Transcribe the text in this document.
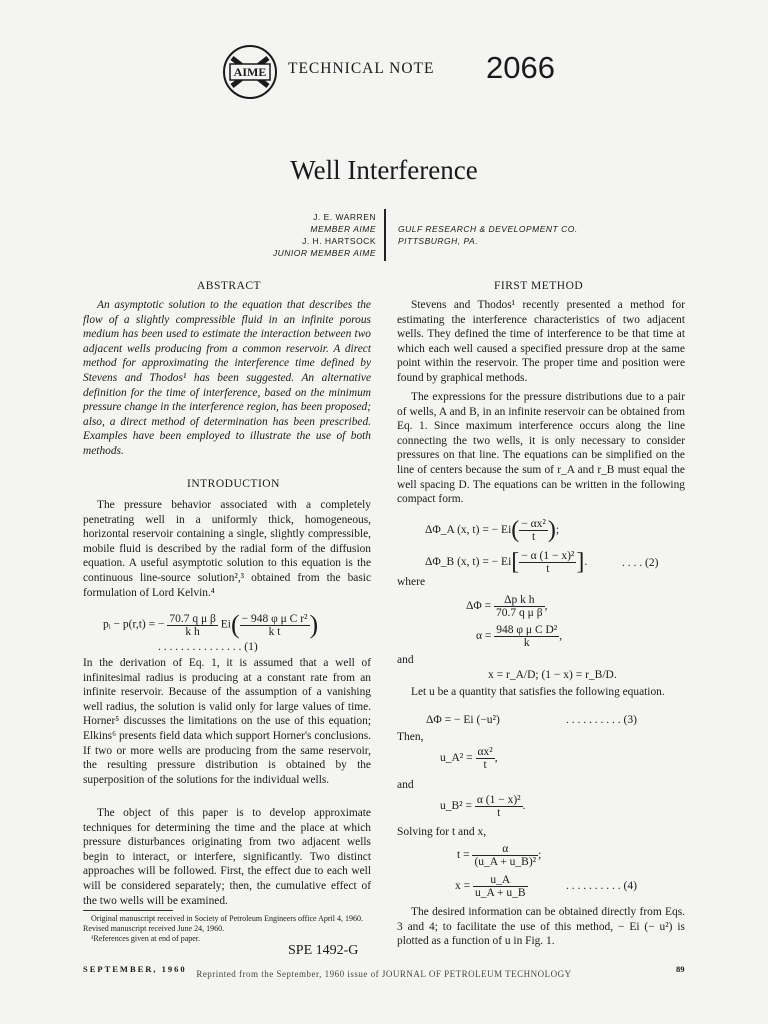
AIME TECHNICAL NOTE 2066
Well Interference
J. E. WARREN
MEMBER AIME
J. H. HARTSOCK
JUNIOR MEMBER AIME
GULF RESEARCH & DEVELOPMENT CO.
PITTSBURGH, PA.
ABSTRACT

An asymptotic solution to the equation that describes the flow of a slightly compressible fluid in an infinite porous medium has been used to estimate the interaction between two adjacent wells producing from a common reservoir. A direct method for approximating the interference time defined by Stevens and Thodos¹ has been suggested. An alternative definition for the time of interference, based on the minimum pressure change in the interference region, has been proposed; also, a direct method of determination has been prescribed. Examples have been employed to illustrate the use of both methods.

INTRODUCTION

The pressure behavior associated with a completely penetrating well in a uniformly thick, homogeneous, horizontal reservoir containing a single, slightly compressible, mobile fluid is described by the radial form of the diffusion equation. A useful asymptotic solution to this equation is the continuous line-source solution²,³ obtained from the basic formulation of Lord Kelvin.⁴

pᵢ − p(r,t) = − $\frac{\text{70.7 q μ β}}{\text{k h}} Ei( \frac{\text{− 948 φ μ C r²}}{\text{k t}}$ )
. . . . . . . . . . . . . . . (1)

In the derivation of Eq. 1, it is assumed that a well of infinitesimal radius is producing at a constant rate from an infinite reservoir. Because of the assumption of a vanishing well radius, the solution is valid only for large values of time. Horner⁵ discusses the limitations on the use of this equation; Elkins⁶ presents field data which support Horner's conclusions. If two or more wells are producing from the same reservoir, the resulting pressure distribution is obtained by the superposition of the solutions for the individual wells.

The object of this paper is to develop approximate techniques for determining the time and the place at which pressure disturbances originating from two adjacent wells begin to interact, or interfere, significantly. Two distinct approaches will be followed. First, the effect due to each well will be considered separately; then, the cumulative effect of the two wells will be examined.

Original manuscript received in Society of Petroleum Engineers office April 4, 1960. Revised manuscript received June 24, 1960.
¹References given at end of paper.
SPE 1492-G
FIRST METHOD

Stevens and Thodos¹ recently presented a method for estimating the interference characteristics of two adjacent wells. They defined the time of interference to be that time at which each well caused a specified pressure drop at the same point within the reservoir. The proper time and position were found by graphical methods.

The expressions for the pressure distributions due to a pair of wells, A and B, in an infinite reservoir can be obtained from Eq. 1. Since maximum interference occurs along the line connecting the two wells, it is only necessary to consider pressures on that line. The equations can be simplified on the line of centers because the sum of r_A and r_B must equal the well spacing D. The equations can be written in the following compact form.

ΔΦ_A (x, t) = − $Ei( \frac{\text{− αx²}}{t}$ );
ΔΦ_B (x, t) = − $Ei[ \frac{\text{− α (1 − x)²}}{t}$ ].	. . . . (2)
where
$\Delta\Phi = \frac{\text{Δp k h}}{\text{70.7 q μ β}}$ ,
$\alpha = \frac{\text{948 φ μ C D²}}{k}$ ,
and
x = r_A/D; (1 − x) = r_B/D.

Let u be a quantity that satisfies the following equation.

ΔΦ = − Ei (−u²)	. . . . . . . . . . (3)
Then,
u_A² = $\frac{\text{αx²}}{t}$ ,
and
u_B² = $\frac{\text{α (1 − x)²}}{t}$ .
Solving for t and x,
$t = \frac{\alpha}{\text{(u\_A + u\_B)²}}$ ;
$x = \frac{u\_A}{u\_A + u\_B}$	. . . . . . . . . . (4)

The desired information can be obtained directly from Eqs. 3 and 4; to facilitate the use of this method, − Ei (− u²) is plotted as a function of u in Fig. 1.

SEPTEMBER, 1960	89
Reprinted from the September, 1960 issue of JOURNAL OF PETROLEUM TECHNOLOGY
